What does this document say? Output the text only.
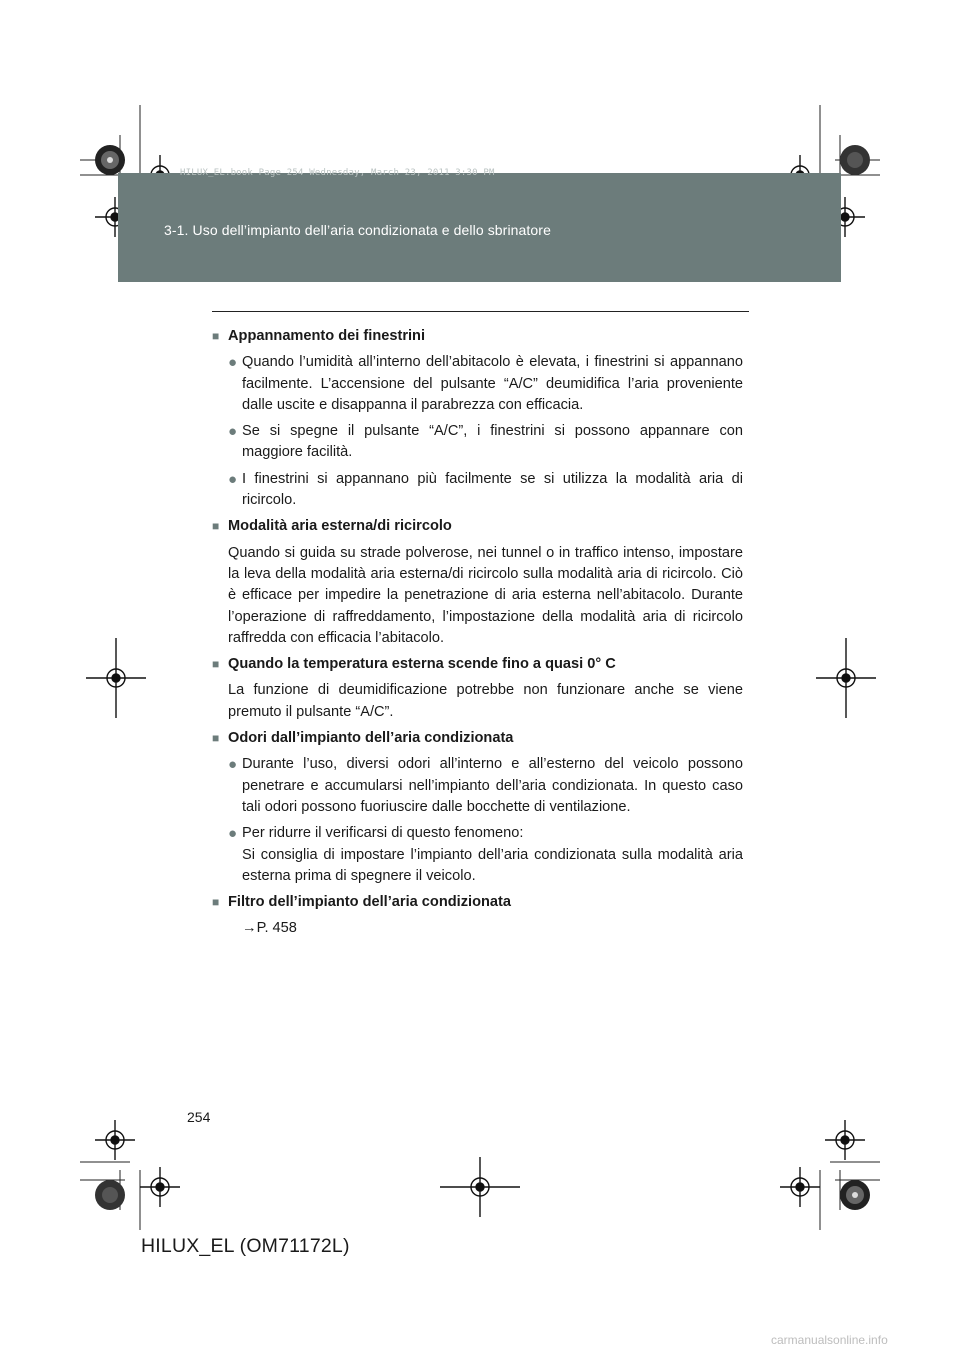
3-1. Uso dell’impianto dell’aria condizionata e dello sbrinatore
HILUX_EL.book Page 254 Wednesday, March 23, 2011 3:30 PM
■ Appannamento dei finestrini
● Quando l’umidità all’interno dell’abitacolo è elevata, i finestrini si appannano facilmente. L’accensione del pulsante “A/C” deumidifica l’aria proveniente dalle uscite e disappanna il parabrezza con efficacia.
● Se si spegne il pulsante “A/C”, i finestrini si possono appannare con maggiore facilità.
● I finestrini si appannano più facilmente se si utilizza la modalità aria di ricircolo.
■ Modalità aria esterna/di ricircolo
Quando si guida su strade polverose, nei tunnel o in traffico intenso, impostare la leva della modalità aria esterna/di ricircolo sulla modalità aria di ricircolo. Ciò è efficace per impedire la penetrazione di aria esterna nell’abitacolo. Durante l’operazione di raffreddamento, l’impostazione della modalità aria di ricircolo raffredda con efficacia l’abitacolo.
■ Quando la temperatura esterna scende fino a quasi 0° C
La funzione di deumidificazione potrebbe non funzionare anche se viene premuto il pulsante “A/C”.
■ Odori dall’impianto dell’aria condizionata
● Durante l’uso, diversi odori all’interno e all’esterno del veicolo possono penetrare e accumularsi nell’impianto dell’aria condizionata. In questo caso tali odori possono fuoriuscire dalle bocchette di ventilazione.
● Per ridurre il verificarsi di questo fenomeno:
Si consiglia di impostare l’impianto dell’aria condizionata sulla modalità aria esterna prima di spegnere il veicolo.
■ Filtro dell’impianto dell’aria condizionata
→P. 458
254
HILUX_EL (OM71172L)
carmanualsonline.info
